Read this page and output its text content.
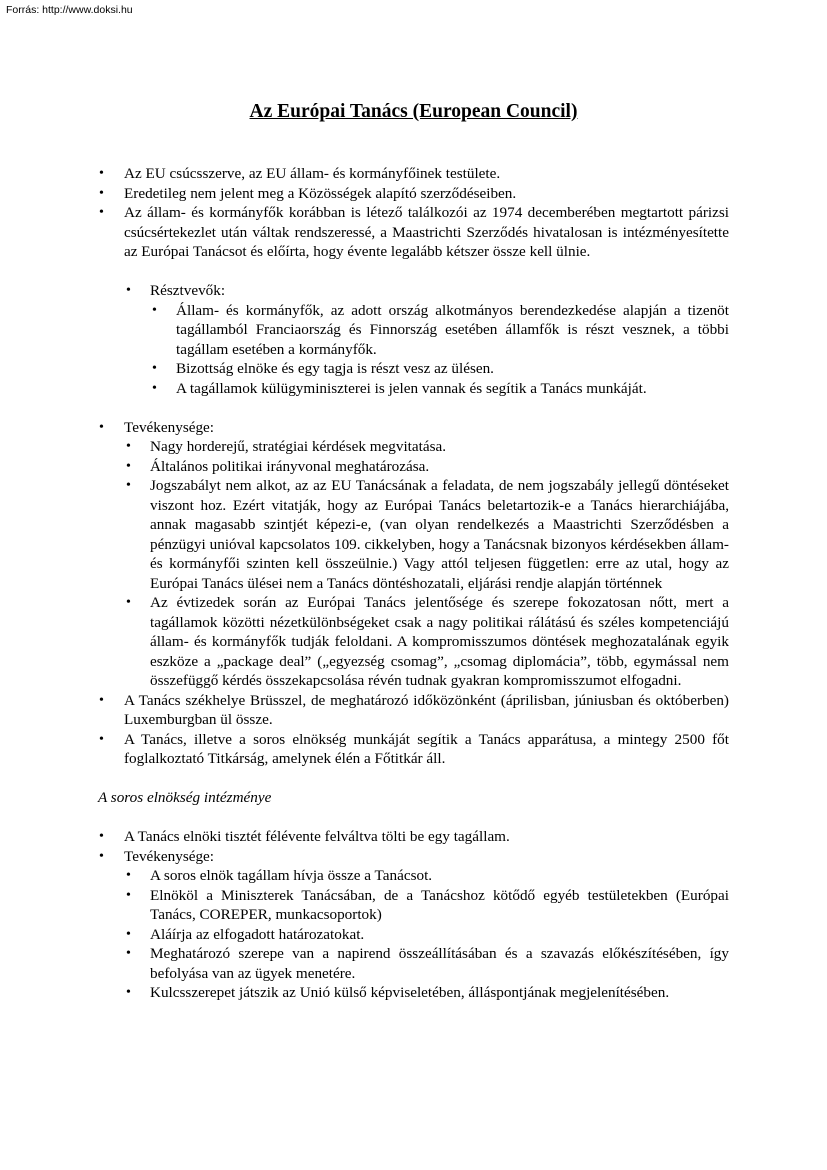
Forrás: http://www.doksi.hu
Az Európai Tanács (European Council)
• Az EU csúcsszerve, az EU állam- és kormányfőinek testülete.
• Eredetileg nem jelent meg a Közösségek alapító szerződéseiben.
• Az állam- és kormányfők korábban is létező találkozói az 1974 decemberében megtartott párizsi csúcsértekezlet után váltak rendszeressé, a Maastrichti Szerződés hivatalosan is intézményesítette az Európai Tanácsot és előírta, hogy évente legalább kétszer össze kell ülnie.
• Résztvevők:
• Állam- és kormányfők, az adott ország alkotmányos berendezkedése alapján a tizenöt tagállamból Franciaország és Finnország esetében államfők is részt vesznek, a többi tagállam esetében a kormányfők.
• Bizottság elnöke és egy tagja is részt vesz az ülésen.
• A tagállamok külügyminiszterei is jelen vannak és segítik a Tanács munkáját.
• Tevékenysége:
• Nagy horderejű, stratégiai kérdések megvitatása.
• Általános politikai irányvonal meghatározása.
• Jogszabályt nem alkot, az az EU Tanácsának a feladata, de nem jogszabály jellegű döntéseket viszont hoz. Ezért vitatják, hogy az Európai Tanács beletartozik-e a Tanács hierarchiájába, annak magasabb szintjét képezi-e, (van olyan rendelkezés a Maastrichti Szerződésben a pénzügyi unióval kapcsolatos 109. cikkelyben, hogy a Tanácsnak bizonyos kérdésekben állam- és kormányfői szinten kell összeülnie.) Vagy attól teljesen független: erre az utal, hogy az Európai Tanács ülései nem a Tanács döntéshozatali, eljárási rendje alapján történnek
• Az évtizedek során az Európai Tanács jelentősége és szerepe fokozatosan nőtt, mert a tagállamok közötti nézetkülönbségeket csak a nagy politikai rálátású és széles kompetenciájú állam- és kormányfők tudják feloldani. A kompromisszumos döntések meghozatalának egyik eszköze a „package deal” („egyezség csomag”, „csomag diplomácia”, több, egymással nem összefüggő kérdés összekapcsolása révén tudnak gyakran kompromisszumot elfogadni.
• A Tanács székhelye Brüsszel, de meghatározó időközönként (áprilisban, júniusban és októberben) Luxemburgban ül össze.
• A Tanács, illetve a soros elnökség munkáját segítik a Tanács apparátusa, a mintegy 2500 főt foglalkoztató Titkárság, amelynek élén a Főtitkár áll.

A soros elnökség intézménye

• A Tanács elnöki tisztét félévente felváltva tölti be egy tagállam.
• Tevékenysége:
• A soros elnök tagállam hívja össze a Tanácsot.
• Elnököl a Miniszterek Tanácsában, de a Tanácshoz kötődő egyéb testületekben (Európai Tanács, COREPER, munkacsoportok)
• Aláírja az elfogadott határozatokat.
• Meghatározó szerepe van a napirend összeállításában és a szavazás előkészítésében, így befolyása van az ügyek menetére.
• Kulcsszerepet játszik az Unió külső képviseletében, álláspontjának megjelenítésében.
